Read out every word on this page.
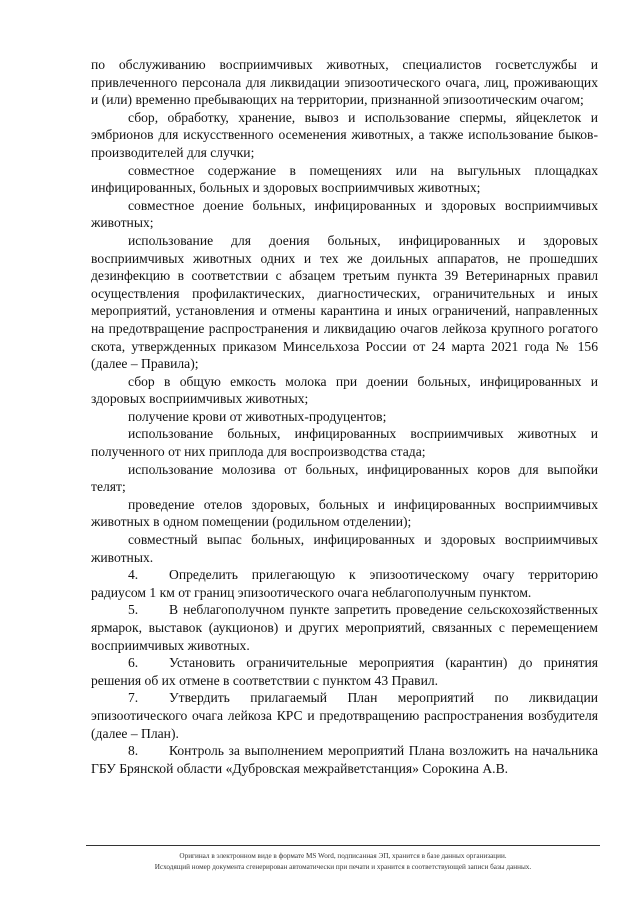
по обслуживанию восприимчивых животных, специалистов госветслужбы и привлеченного персонала для ликвидации эпизоотического очага, лиц, проживающих и (или) временно пребывающих на территории, признанной эпизоотическим очагом;

сбор, обработку, хранение, вывоз и использование спермы, яйцеклеток и эмбрионов для искусственного осеменения животных, а также использование быков-производителей для случки;

совместное содержание в помещениях или на выгульных площадках инфицированных, больных и здоровых восприимчивых животных;

совместное доение больных, инфицированных и здоровых восприимчивых животных;

использование для доения больных, инфицированных и здоровых восприимчивых животных одних и тех же доильных аппаратов, не прошедших дезинфекцию в соответствии с абзацем третьим пункта 39 Ветеринарных правил осуществления профилактических, диагностических, ограничительных и иных мероприятий, установления и отмены карантина и иных ограничений, направленных на предотвращение распространения и ликвидацию очагов лейкоза крупного рогатого скота, утвержденных приказом Минсельхоза России от 24 марта 2021 года № 156 (далее – Правила);

сбор в общую емкость молока при доении больных, инфицированных и здоровых восприимчивых животных;

получение крови от животных-продуцентов;

использование больных, инфицированных восприимчивых животных и полученного от них приплода для воспроизводства стада;

использование молозива от больных, инфицированных коров для выпойки телят;

проведение отелов здоровых, больных и инфицированных восприимчивых животных в одном помещении (родильном отделении);

совместный выпас больных, инфицированных и здоровых восприимчивых животных.

4. Определить прилегающую к эпизоотическому очагу территорию радиусом 1 км от границ эпизоотического очага неблагополучным пунктом.

5. В неблагополучном пункте запретить проведение сельскохозяйственных ярмарок, выставок (аукционов) и других мероприятий, связанных с перемещением восприимчивых животных.

6. Установить ограничительные мероприятия (карантин) до принятия решения об их отмене в соответствии с пунктом 43 Правил.

7. Утвердить прилагаемый План мероприятий по ликвидации эпизоотического очага лейкоза КРС и предотвращению распространения возбудителя (далее – План).

8. Контроль за выполнением мероприятий Плана возложить на начальника ГБУ Брянской области «Дубровская межрайветстанция» Сорокина А.В.

Оригинал в электронном виде в формате MS Word, подписанная ЭП, хранится в базе данных организации.
Исходящий номер документа сгенерирован автоматически при печати и хранится в соответствующей записи базы данных.
